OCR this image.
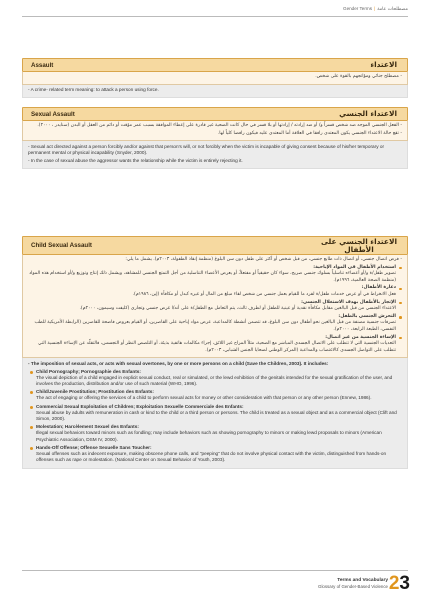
Gender Terms | مصطلحات عامة
Assault	الاعتداء

- مصطلح جنائي ومؤاتجهم بالقوة على شخص.

- A crime- related term meaning: to attack a person using force.

Sexual Assault	الاعتداء الجنسي

- الفعل الجنسي الموجه ضد شخص قسراً و/ أو ضد إرادته / إرادتها أو بلا قسر في حال كانت الضحية غير قادرة على إعطاء الموافقة بسبب عمر مؤقت أو دائم من العقل أو البدن (سنايدر ، ٢٠٠٠).

- تقع حالة الاعتداء الجنسي يكون المعتدي رافقا في العلاقة أما المعتدي عليه فيكون رافضا كلياً لها.

- Sexual act directed against a person forcibly and/or against that person's will, or not forcibly when the victim is incapable of giving consent because of his/her temporary or permanent mental or physical incapability (Snyder, 2000).

- In the case of sexual abuse the aggressor wants the relationship while the victim is entirely rejecting it.

Child Sexual Assault	الاعتداء الجنسي على
الأطفال

- فرض اتصال جنسي، أو اتصال ذات طابع جنسي، من قبل شخص أو أكثر على طفل دون سن البلوغ (منظمة إنقاذ الطفولة، ٢٠٠٣م). يشمل ما يلي:

استخدام الأطفال في المواد الإباحية:
تصوير طفل/ة و/أو أعضاءه تناسلياً بسلوك جنسي صريح، سواء كان حقيقياً أو مفتعلاً، أو يعرض الأعضاء التناسلية من أجل التمتع الجنسي للمشاهد، ويشمل ذلك إنتاج وتوزيع و/أو استخدام هذه المواد (منظمة الصحة العالمية، ١٩٩٦م).
دعارة الأطفال:
فعل الانخراط في أو عرض خدمات طفل/ة لفرد ما للقيام بعمل جنسي من شخص لقاء مبلغ من المال أو غيره كبدل أو مكافأة (إين، ١٩٨٦م).
الإتجار بالأطفال بهدف الاستغلال الجنسي:
الاعتداء الجنسي من قبل البالغين مقابل مكافأة نقدية أو عينية للطفل أو لطرف ثالث، يتم التعامل مع الطفل/ة على أنه/ا غرض جنسي وتجاري (كليفت وسيمون، ٢٠٠٠م).
التحرش الجنسي بالطفل:
تصرفات جنسية مصنفة من قبل البالغين نحو أطفال دون سن البلوغ، قد تتضمن أنشطة كالمداعبة، عرض مواد إباحية على القاصرين، أو القيام بعروض فاضحة للقاصرين (الرابطة الأمريكية للطب النفسي، الطبعة الرابعة، ٢٠٠٠م).
الإساءة الجنسية من غير اتصال:
التعديات الجنسية التي لا تتطلب على الاتصال الجسدي المباشر مع الضحية، مثلاً المزاح غير اللائق، إجراء مكالمات هاتفية بذيئة، أو التلصص النظر أو التجسس، فالتقلّد عن الإساءة الجنسية التي تتطلب على التواصل الجسدي كالاغتصاب والمداعبة (المركز الوطني لضحايا الجنس الشبابي، ٢٠٠٣م).

- The imposition of sexual acts, or acts with sexual overtones, by one or more persons on a child (Save the Children, 2003). It includes:

Child Pornography; Pornographie des Enfants:
The visual depiction of a child engaged in explicit sexual conduct, real or simulated, or the lewd exhibition of the genitals intended for the sexual gratification of the user, and involves the production, distribution and/or use of such material (WHO, 1996).
Child/Juvenile Prostitution; Prostitution des Enfants:
The act of engaging or offering the services of a child to perform sexual acts for money or other consideration with that person or any other person (Ennew, 1986).
Commercial Sexual Exploitation of Children; Exploitation Sexuelle Commerciale des Enfants:
Sexual abuse by adults with remuneration in cash or kind to the child or a third person or persons. The child is treated as a sexual object and as a commercial object (Clift and Simon, 2000).
Molestation; Harcèlement Sexuel des Enfants:
Illegal sexual behaviors toward minors such as fondling; may include behaviors such as showing pornography to minors or making lewd proposals to minors (American Psychiatric Association, DSM IV, 2000).
Hands-Off Offense; Offense Sexuelle Sans Toucher:
Sexual offenses such as indecent exposure, making obscene phone calls, and "peeping" that do not involve physical contact with the victim, distinguished from hands-on offenses such as rape or molestation. (National Center on Sexual Behavior of Youth, 2003).
Terms and Vocabulary
Glossary of Gender-Based Violence 23
